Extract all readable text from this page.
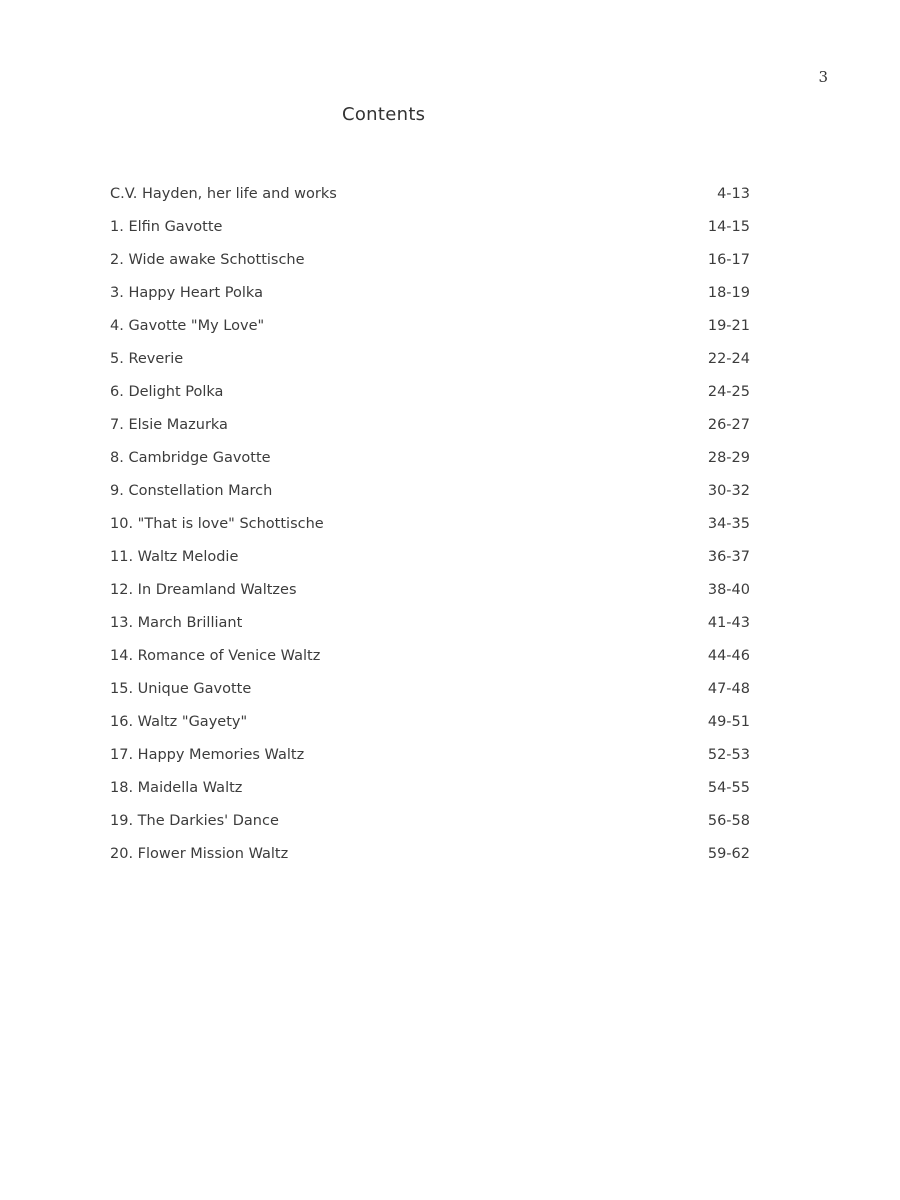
3
Contents
C.V. Hayden, her life and works	4-13
1. Elfin Gavotte	14-15
2. Wide awake Schottische	16-17
3. Happy Heart Polka	18-19
4. Gavotte "My Love"	19-21
5. Reverie	22-24
6. Delight Polka	24-25
7. Elsie Mazurka	26-27
8. Cambridge Gavotte	28-29
9. Constellation March	30-32
10. "That is love" Schottische	34-35
11. Waltz Melodie	36-37
12. In Dreamland Waltzes	38-40
13. March Brilliant	41-43
14. Romance of Venice Waltz	44-46
15. Unique Gavotte	47-48
16. Waltz "Gayety"	49-51
17. Happy Memories Waltz	52-53
18. Maidella Waltz	54-55
19. The Darkies' Dance	56-58
20. Flower Mission Waltz	59-62
